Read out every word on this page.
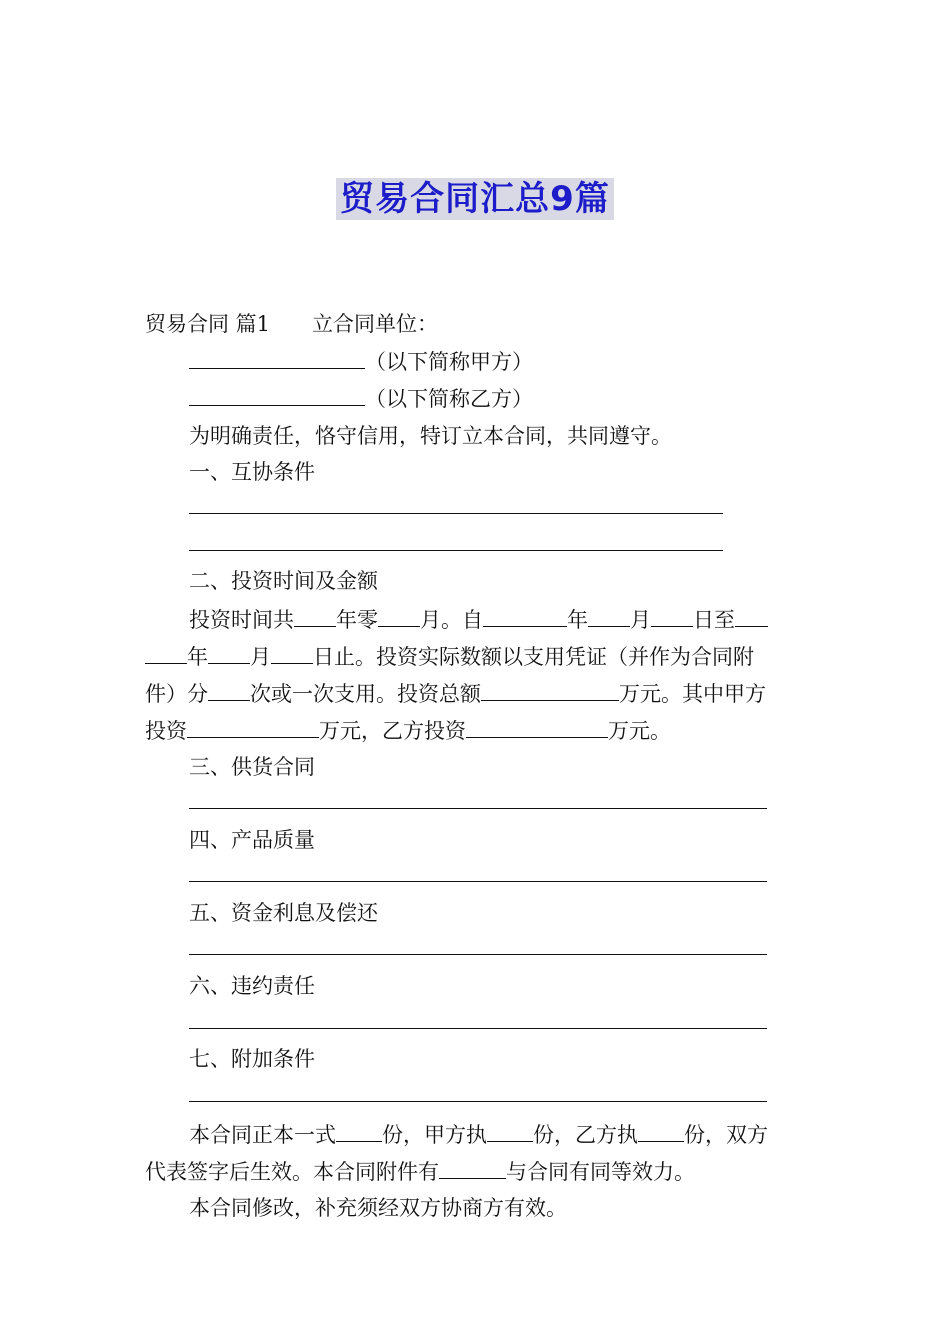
贸易合同汇总9篇
贸易合同 篇1 立合同单位：
（以下简称甲方）
（以下简称乙方）
为明确责任，恪守信用，特订立本合同，共同遵守。
一、互协条件
二、投资时间及金额
投资时间共 年零 月。自	年 月 日至
年 月 日止。投资实际数额以支用凭证（并作为合同附
件）分 次或一次支用。投资总额	万元。其中甲方
投资	万元，乙方投资	万元。
三、供货合同
四、产品质量
五、资金利息及偿还
六、违约责任
七、附加条件
本合同正本一式 份，甲方执 份，乙方执 份，双方
代表签字后生效。本合同附件有	与合同有同等效力。
本合同修改，补充须经双方协商方有效。
